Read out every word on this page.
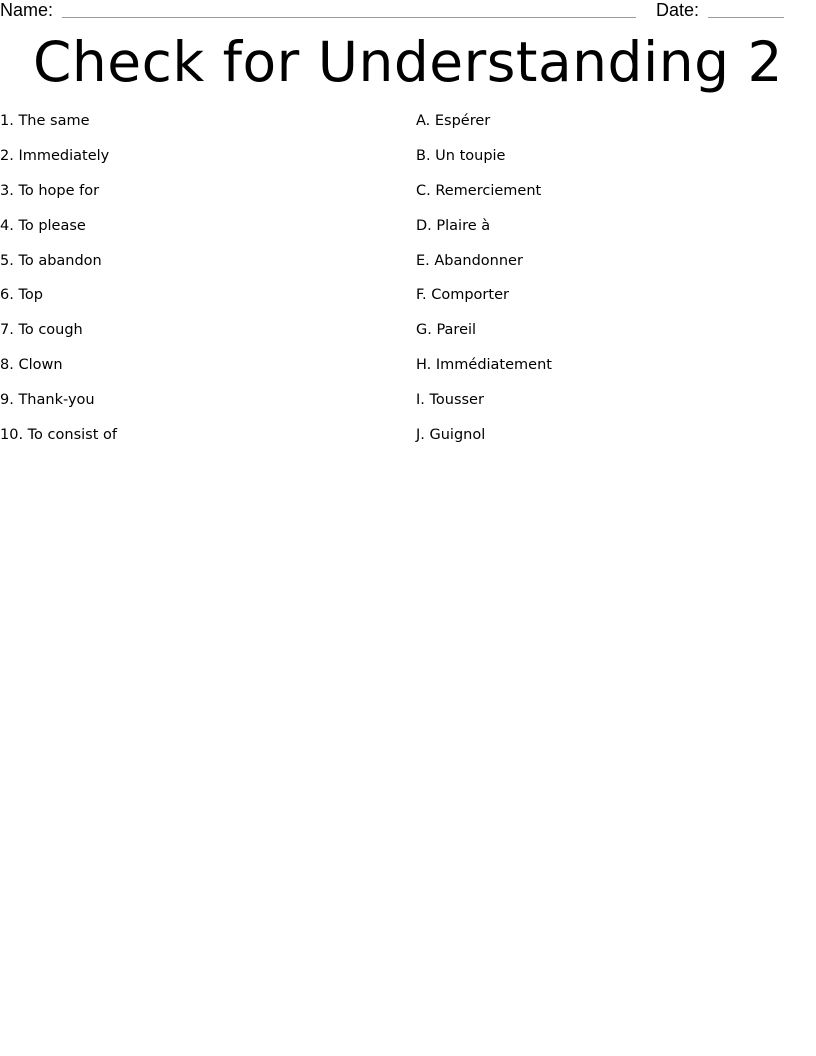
Name:	Date:
Check for Understanding 2
1. The same
2. Immediately
3. To hope for
4. To please
5. To abandon
6. Top
7. To cough
8. Clown
9. Thank-you
10. To consist of
A. Espérer
B. Un toupie
C. Remerciement
D. Plaire à
E. Abandonner
F. Comporter
G. Pareil
H. Immédiatement
I. Tousser
J. Guignol
